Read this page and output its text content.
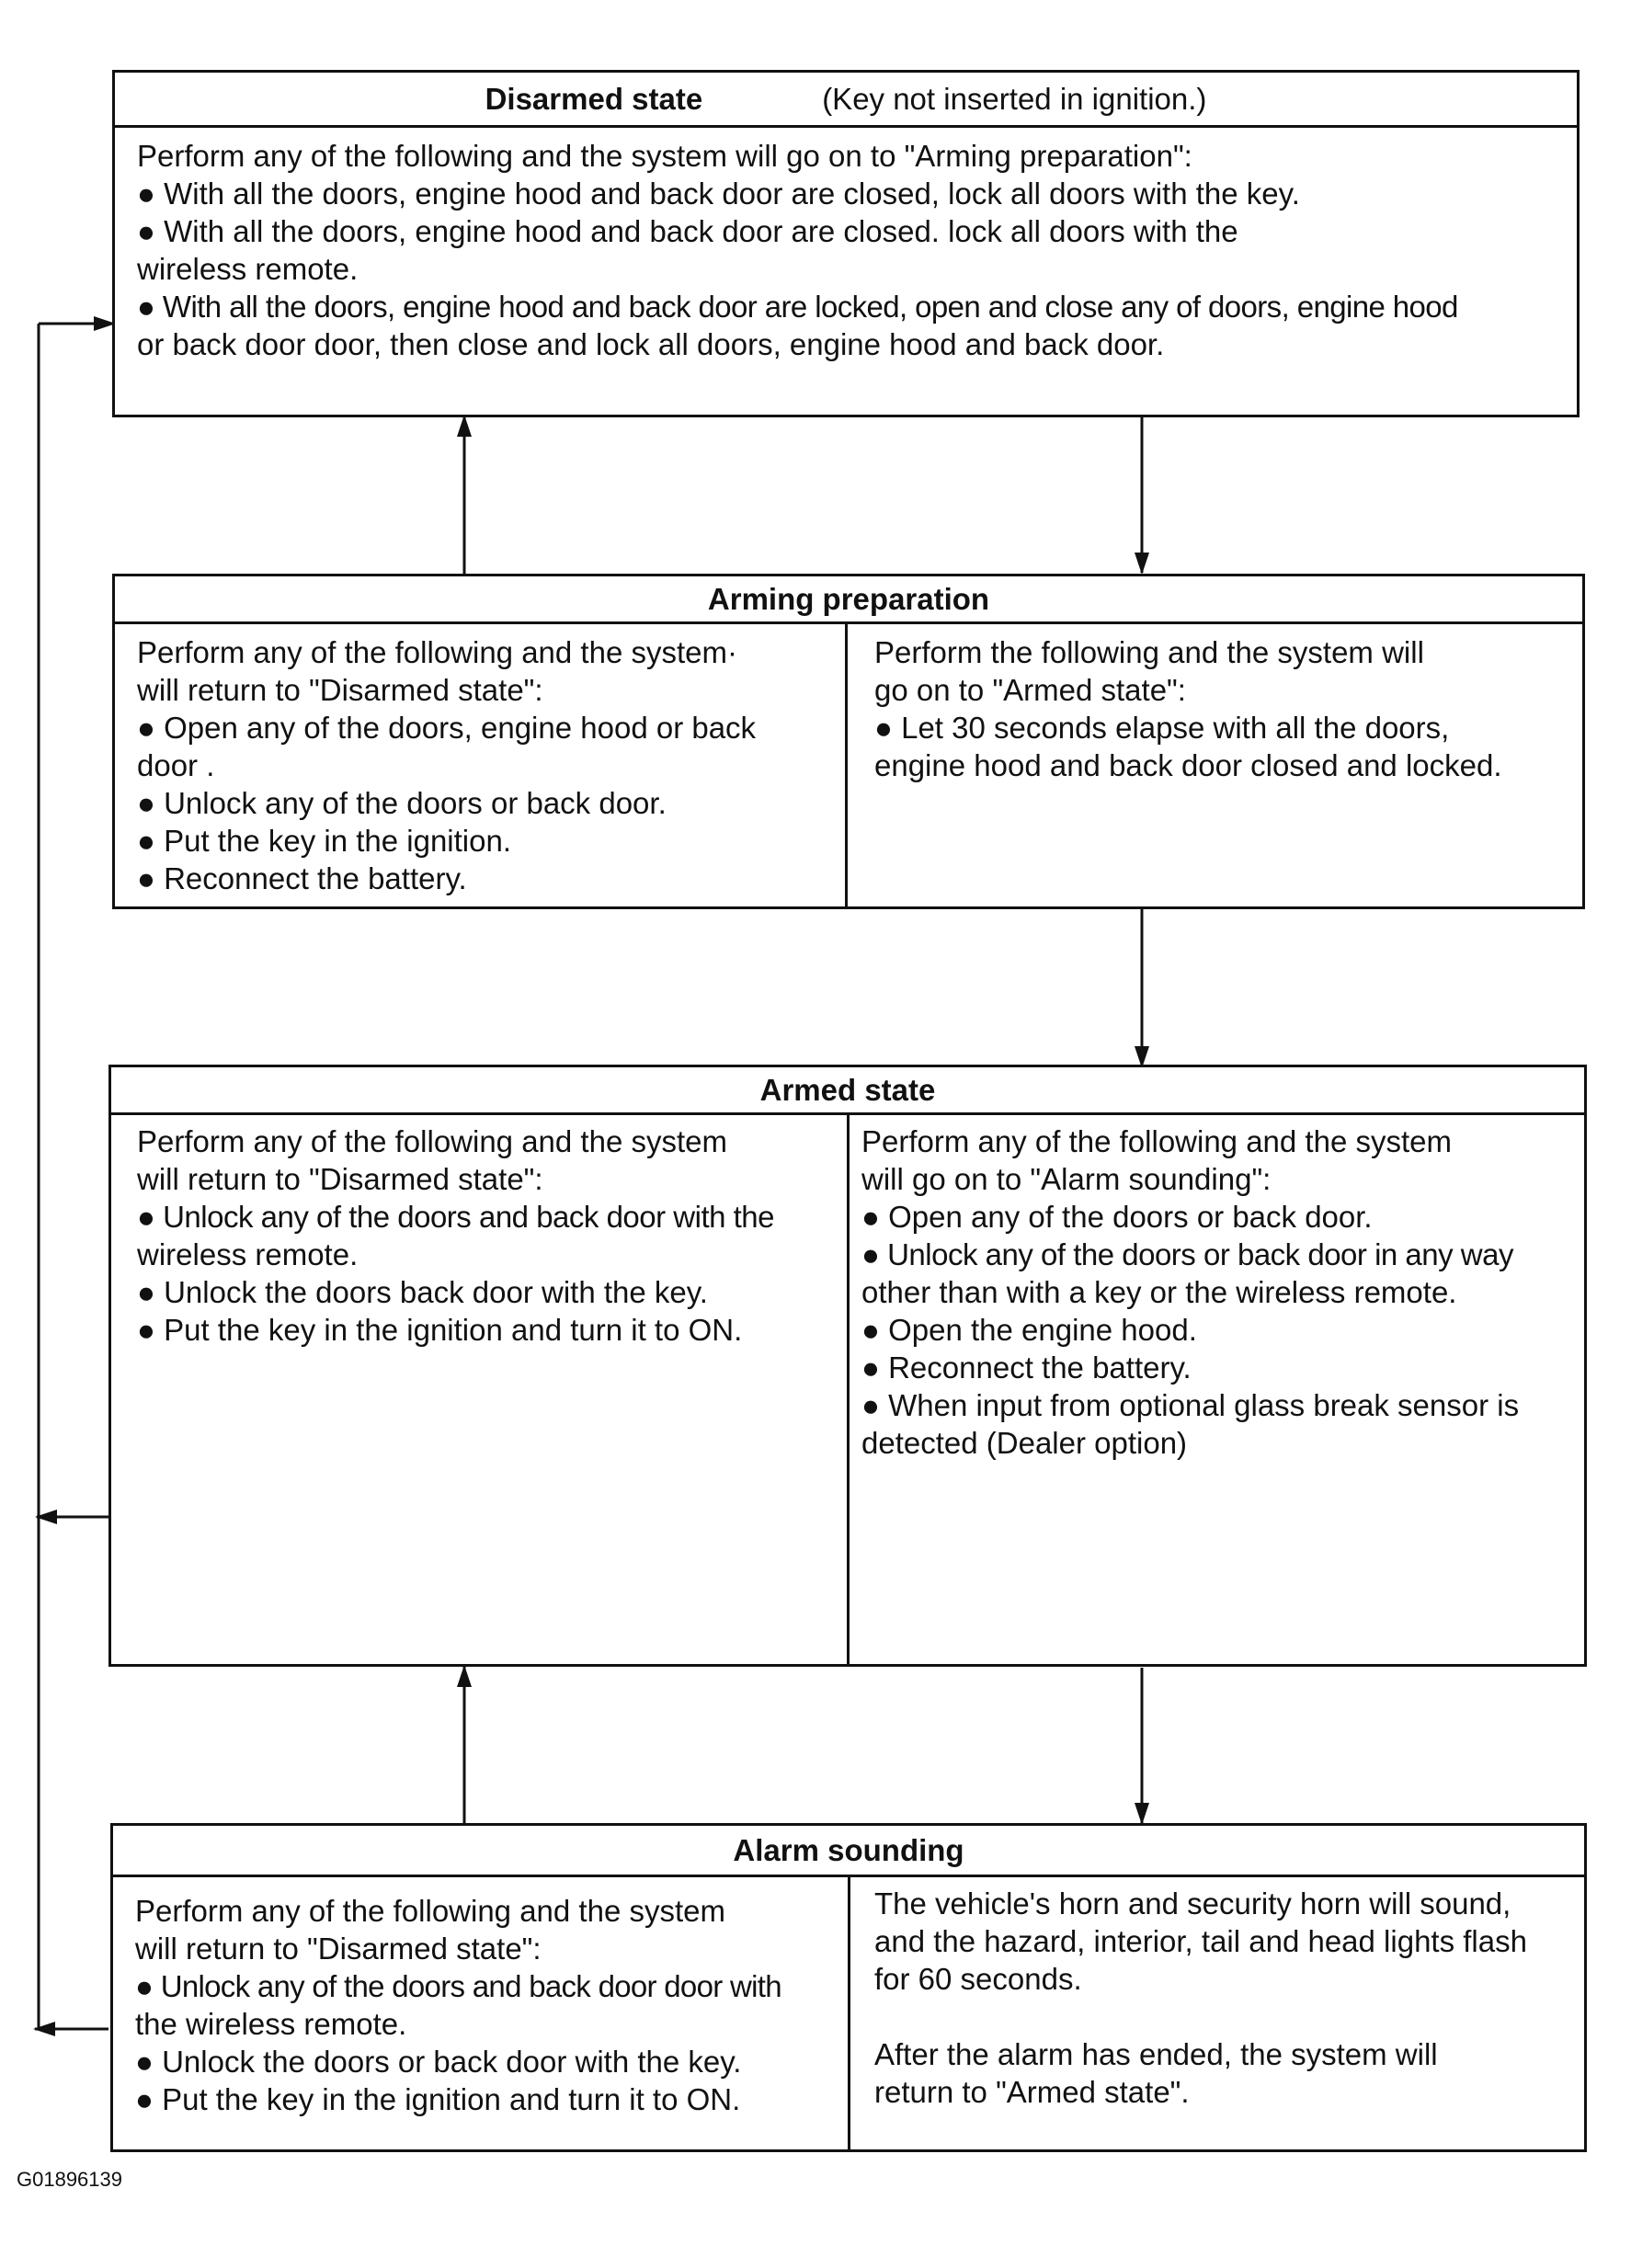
Disarmed state	(Key not inserted in ignition.)

Perform any of the following and the system will go on to "Arming preparation":

● With all the doors, engine hood and back door are closed, lock all doors with the key.

● With all the doors, engine hood and back door are closed. lock all doors with the

wireless remote.

● With all the doors, engine hood and back door are locked, open and close any of doors, engine hood

or back door door, then close and lock all doors, engine hood and back door.

Arming preparation

Perform any of the following and the system·

will return to "Disarmed state":

● Open any of the doors, engine hood or back

door .

● Unlock any of the doors or back door.

● Put the key in the ignition.

● Reconnect the battery.

Perform the following and the system will

go on to "Armed state":

● Let 30 seconds elapse with all the doors,

engine hood and back door closed and locked.

Armed state

Perform any of the following and the system

will return to "Disarmed state":

● Unlock any of the doors and back door with the

wireless remote.

● Unlock the doors back door with the key.

● Put the key in the ignition and turn it to ON.

Perform any of the following and the system

will go on to "Alarm sounding":

● Open any of the doors or back door.

● Unlock any of the doors or back door in any way

other than with a key or the wireless remote.

● Open the engine hood.

● Reconnect the battery.

● When input from optional glass break sensor is

detected (Dealer option)

Alarm sounding

Perform any of the following and the system

will return to "Disarmed state":

● Unlock any of the doors and back door door with

the wireless remote.

● Unlock the doors or back door with the key.

● Put the key in the ignition and turn it to ON.

The vehicle's horn and security horn will sound,

and the hazard, interior, tail and head lights flash

for 60 seconds.

After the alarm has ended, the system will

return to "Armed state".

G01896139
